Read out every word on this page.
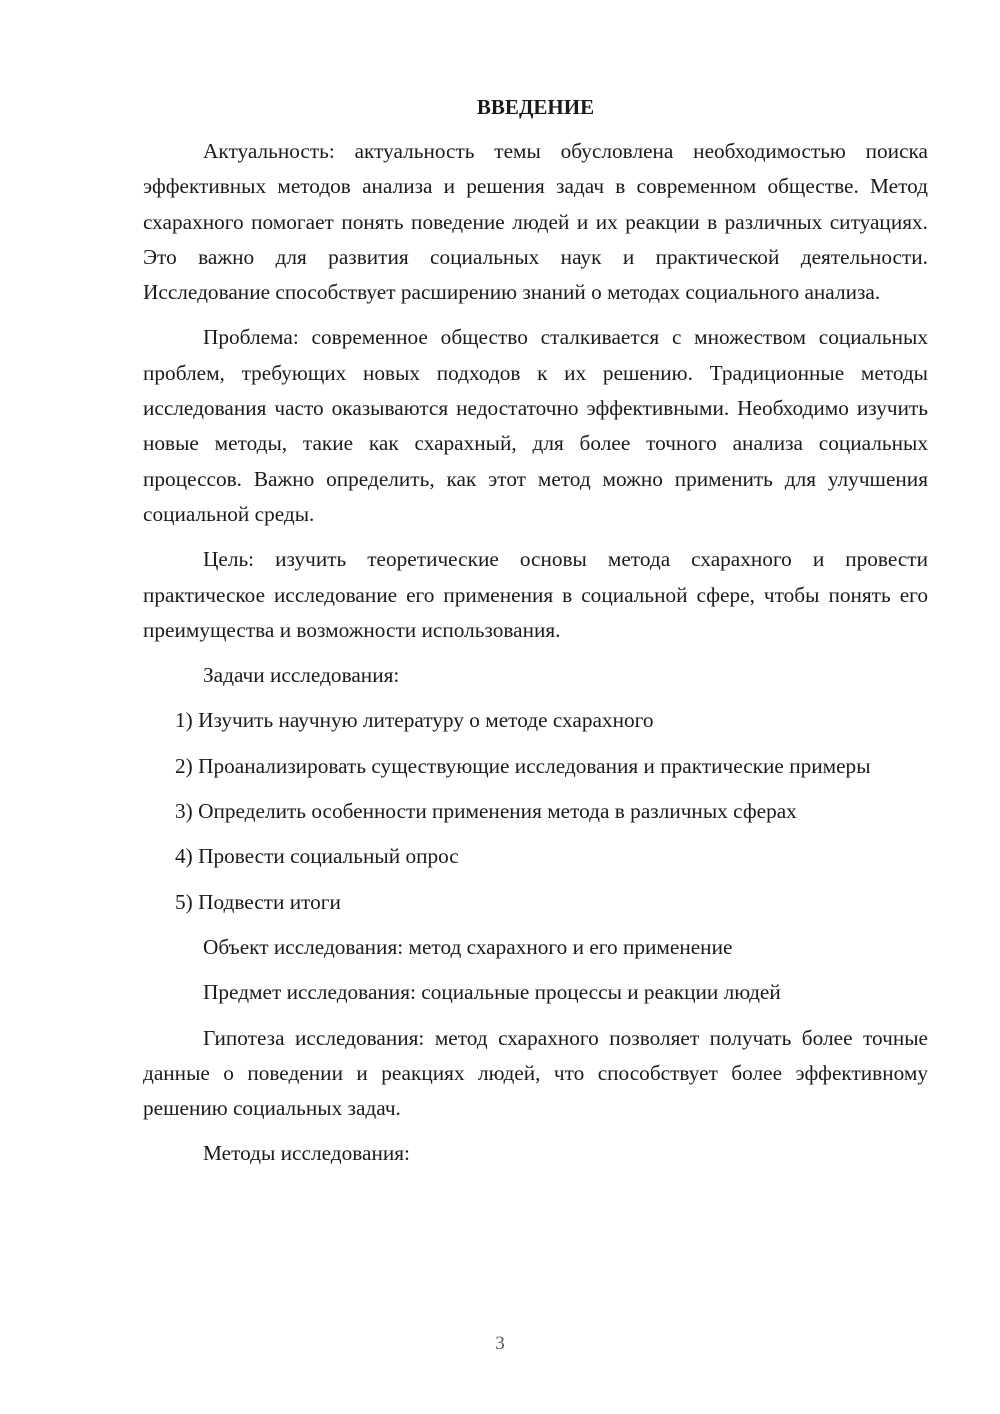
ВВЕДЕНИЕ

Актуальность: актуальность темы обусловлена необходимостью поиска эффективных методов анализа и решения задач в современном обществе. Метод схарахного помогает понять поведение людей и их реакции в различных ситуациях. Это важно для развития социальных наук и практической деятельности. Исследование способствует расширению знаний о методах социального анализа.

Проблема: современное общество сталкивается с множеством социальных проблем, требующих новых подходов к их решению. Традиционные методы исследования часто оказываются недостаточно эффективными. Необходимо изучить новые методы, такие как схарахный, для более точного анализа социальных процессов. Важно определить, как этот метод можно применить для улучшения социальной среды.

Цель: изучить теоретические основы метода схарахного и провести практическое исследование его применения в социальной сфере, чтобы понять его преимущества и возможности использования.

Задачи исследования:

1) Изучить научную литературу о методе схарахного

2) Проанализировать существующие исследования и практические примеры

3) Определить особенности применения метода в различных сферах

4) Провести социальный опрос

5) Подвести итоги

Объект исследования: метод схарахного и его применение

Предмет исследования: социальные процессы и реакции людей

Гипотеза исследования: метод схарахного позволяет получать более точные данные о поведении и реакциях людей, что способствует более эффективному решению социальных задач.

Методы исследования:

3
